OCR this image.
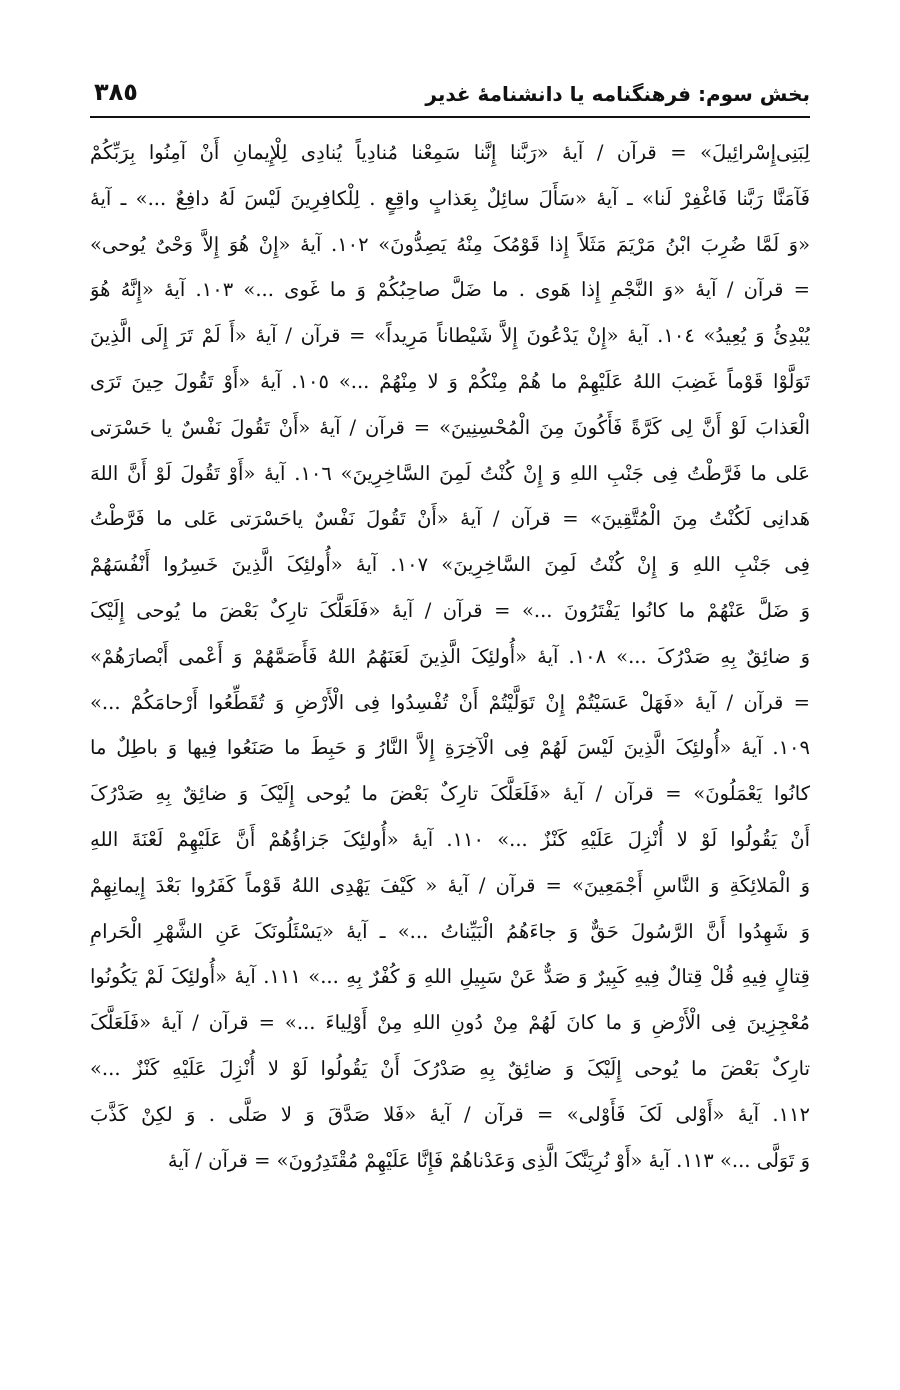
٣٨٥	بخش سوم: فرهنگنامه یا دانشنامهٔ غدیر
لِبَنِی‌إِسْرائِیلَ» = قرآن / آیهٔ «رَبَّنا إِنَّنا سَمِعْنا مُنادِیاً یُنادِی لِلْإِیمانِ أَنْ آمِنُوا بِرَبِّکُمْ
فَآمَنَّا رَبَّنا فَاغْفِرْ لَنا» ـ آیهٔ «سَأَلَ سائِلٌ بِعَذابٍ واقِعٍ . لِلْکافِرِینَ لَیْسَ لَهُ دافِعٌ ...» ـ آیهٔ
«وَ لَمَّا ضُرِبَ ابْنُ مَرْیَمَ مَثَلاً إِذا قَوْمُکَ مِنْهُ یَصِدُّونَ» ١٠٢. آیهٔ «إِنْ هُوَ إِلاَّ وَحْیٌ یُوحی»
= قرآن / آیهٔ «وَ النَّجْمِ إِذا هَوی . ما ضَلَّ صاحِبُکُمْ وَ ما غَوی ...» ١٠٣. آیهٔ «إِنَّهُ هُوَ
یُبْدِئُ وَ یُعِیدُ» ١٠٤. آیهٔ «إِنْ یَدْعُونَ إِلاَّ شَیْطاناً مَرِیداً» = قرآن / آیهٔ «أَ لَمْ تَرَ إِلَی الَّذِینَ
تَوَلَّوْا قَوْماً غَضِبَ اللهُ عَلَیْهِمْ ما هُمْ مِنْکُمْ وَ لا مِنْهُمْ ...» ١٠٥. آیهٔ «أَوْ تَقُولَ حِینَ تَرَی
الْعَذابَ لَوْ أَنَّ لِی کَرَّةً فَأَکُونَ مِنَ الْمُحْسِنِینَ» = قرآن / آیهٔ «أَنْ تَقُولَ نَفْسٌ یا حَسْرَتی
عَلی ما فَرَّطْتُ فِی جَنْبِ اللهِ وَ إِنْ کُنْتُ لَمِنَ السَّاخِرِینَ» ١٠٦. آیهٔ «أَوْ تَقُولَ لَوْ أَنَّ اللهَ
هَدانِی لَکُنْتُ مِنَ الْمُتَّقِینَ» = قرآن / آیهٔ «أَنْ تَقُولَ نَفْسٌ یاحَسْرَتی عَلی ما فَرَّطْتُ
فِی جَنْبِ اللهِ وَ إِنْ کُنْتُ لَمِنَ السَّاخِرِینَ» ١٠٧. آیهٔ «أُولئِکَ الَّذِینَ خَسِرُوا أَنْفُسَهُمْ
وَ ضَلَّ عَنْهُمْ ما کانُوا یَفْتَرُونَ ...» = قرآن / آیهٔ «فَلَعَلَّکَ تارِکٌ بَعْضَ ما یُوحی إِلَیْکَ
وَ ضائِقٌ بِهِ صَدْرُکَ ...» ١٠٨. آیهٔ «أُولئِکَ الَّذِینَ لَعَنَهُمُ اللهُ فَأَصَمَّهُمْ وَ أَعْمی أَبْصارَهُمْ»
= قرآن / آیهٔ «فَهَلْ عَسَیْتُمْ إِنْ تَوَلَّیْتُمْ أَنْ تُفْسِدُوا فِی الْأَرْضِ وَ تُقَطِّعُوا أَرْحامَکُمْ ...»
١٠٩. آیهٔ «أُولئِکَ الَّذِینَ لَیْسَ لَهُمْ فِی الْآخِرَةِ إِلاَّ النَّارُ وَ حَبِطَ ما صَنَعُوا فِیها وَ باطِلٌ ما
کانُوا یَعْمَلُونَ» = قرآن / آیهٔ «فَلَعَلَّکَ تارِکٌ بَعْضَ ما یُوحی إِلَیْکَ وَ ضائِقٌ بِهِ صَدْرُکَ
أَنْ یَقُولُوا لَوْ لا أُنْزِلَ عَلَیْهِ کَنْزٌ ...» ١١٠. آیهٔ «أُولئِکَ جَزاؤُهُمْ أَنَّ عَلَیْهِمْ لَعْنَةَ اللهِ
وَ الْمَلائِکَةِ وَ النَّاسِ أَجْمَعِینَ» = قرآن / آیهٔ « کَیْفَ یَهْدِی اللهُ قَوْماً کَفَرُوا بَعْدَ إِیمانِهِمْ
وَ شَهِدُوا أَنَّ الرَّسُولَ حَقٌّ وَ جاءَهُمُ الْبَیِّناتُ ...» ـ آیهٔ «یَسْئَلُونَکَ عَنِ الشَّهْرِ الْحَرامِ
قِتالٍ فِیهِ قُلْ قِتالٌ فِیهِ کَبِیرٌ وَ صَدٌّ عَنْ سَبِیلِ اللهِ وَ کُفْرٌ بِهِ ...» ١١١. آیهٔ «أُولئِکَ لَمْ یَکُونُوا
مُعْجِزِینَ فِی الْأَرْضِ وَ ما کانَ لَهُمْ مِنْ دُونِ اللهِ مِنْ أَوْلِیاءَ ...» = قرآن / آیهٔ «فَلَعَلَّکَ
تارِکٌ بَعْضَ ما یُوحی إِلَیْکَ وَ ضائِقٌ بِهِ صَدْرُکَ أَنْ یَقُولُوا لَوْ لا أُنْزِلَ عَلَیْهِ کَنْزٌ ...»
١١٢. آیهٔ «أَوْلی لَکَ فَأَوْلی» = قرآن / آیهٔ «فَلا صَدَّقَ وَ لا صَلَّی . وَ لکِنْ کَذَّبَ
وَ تَوَلَّی ...» ١١٣. آیهٔ «أَوْ نُرِیَنَّکَ الَّذِی وَعَدْناهُمْ فَإِنَّا عَلَیْهِمْ مُقْتَدِرُونَ» = قرآن / آیهٔ
